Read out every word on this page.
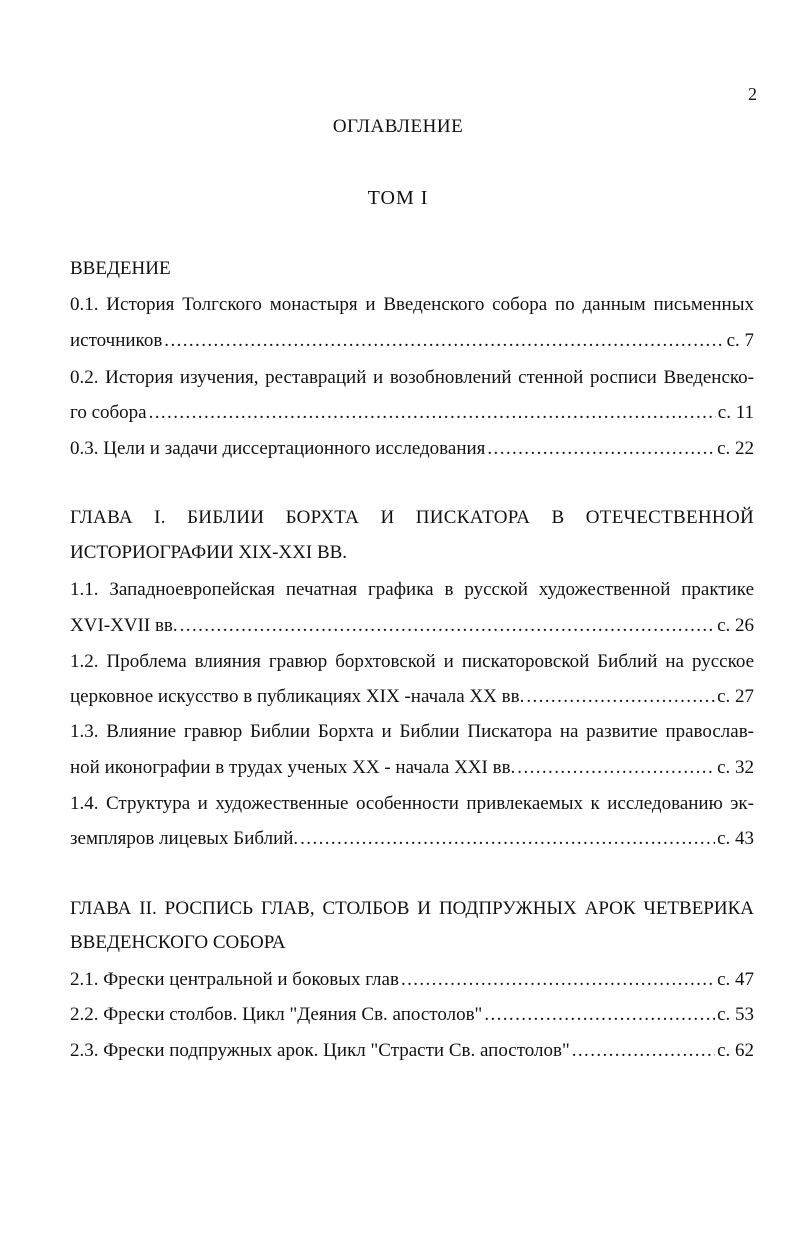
2
ОГЛАВЛЕНИЕ
ТОМ I
ВВЕДЕНИЕ
0.1. История Толгского монастыря и Введенского собора по данным письменных
источников .....	с. 7
0.2. История изучения, реставраций и возобновлений стенной росписи Введенско-
го собора .....	с. 11
0.3. Цели и задачи диссертационного исследования .....	с. 22
ГЛАВА I. БИБЛИИ БОРХТА И ПИСКАТОРА В ОТЕЧЕСТВЕННОЙ
ИСТОРИОГРАФИИ XIX-XXI ВВ.
1.1. Западноевропейская печатная графика в русской художественной практике
XVI-XVII вв. .....	с. 26
1.2. Проблема влияния гравюр борхтовской и пискаторовской Библий на русское
церковное искусство в публикациях XIX -начала XX вв. .....	с. 27
1.3. Влияние гравюр Библии Борхта и Библии Пискатора на развитие православ-
ной иконографии в трудах ученых XX - начала XXI вв. .....	с. 32
1.4. Структура и художественные особенности привлекаемых к исследованию эк-
земпляров лицевых Библий. .....	с. 43
ГЛАВА II. РОСПИСЬ ГЛАВ, СТОЛБОВ И ПОДПРУЖНЫХ АРОК ЧЕТВЕРИКА
ВВЕДЕНСКОГО СОБОРА
2.1. Фрески центральной и боковых глав .....	с. 47
2.2. Фрески столбов. Цикл "Деяния Св. апостолов" .....	с. 53
2.3. Фрески подпружных арок. Цикл "Страсти Св. апостолов" .....	с. 62
